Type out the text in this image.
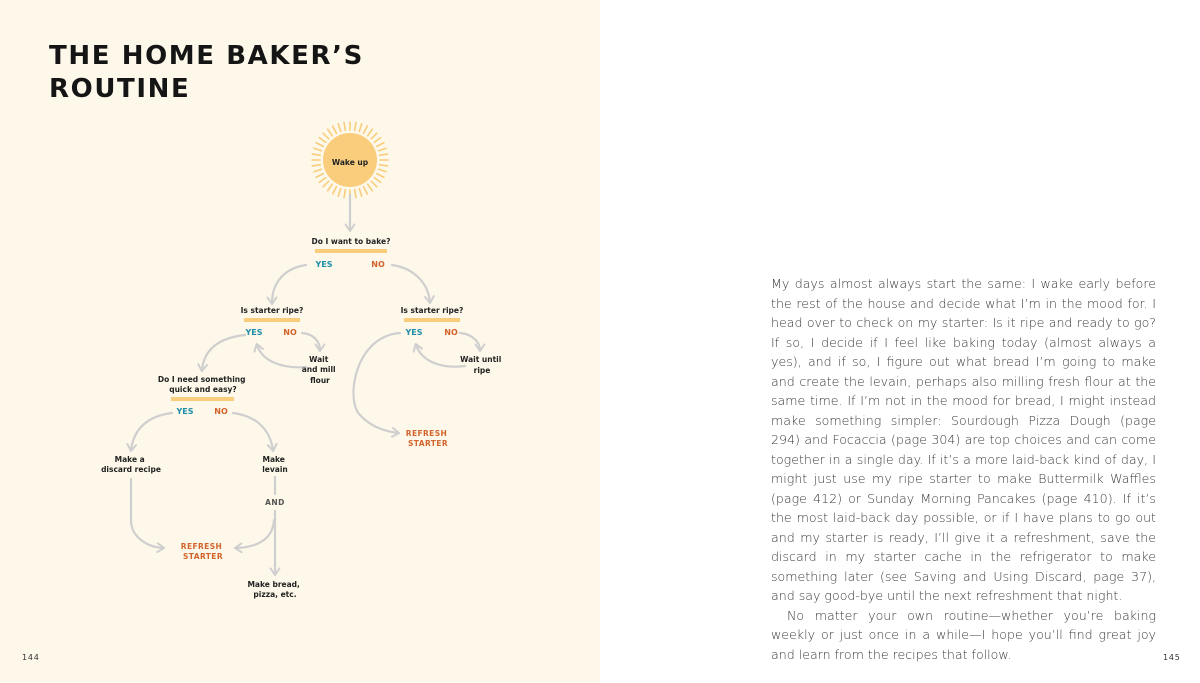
THE HOME BAKER’S
ROUTINE
Wake up
Do I want to bake?
YES	NO
Is starter ripe?
YES	NO
Is starter ripe?
YES	NO
Wait and mill flour
Wait until ripe
REFRESH STARTER
Do I need something quick and easy?
YES	NO
Make a discard recipe
Make levain
AND
REFRESH STARTER
Make bread, pizza, etc.

My days almost always start the same: I wake early before the rest of the house and decide what I’m in the mood for. I head over to check on my starter: Is it ripe and ready to go? If so, I decide if I feel like baking today (almost always a yes), and if so, I figure out what bread I’m going to make and create the levain, perhaps also milling fresh flour at the same time. If I’m not in the mood for bread, I might instead make something simpler: Sourdough Pizza Dough (page 294) and Focaccia (page 304) are top choices and can come together in a single day. If it’s a more laid-back kind of day, I might just use my ripe starter to make Buttermilk Waffles (page 412) or Sunday Morning Pancakes (page 410). If it’s the most laid-back day possible, or if I have plans to go out and my starter is ready, I’ll give it a refreshment, save the discard in my starter cache in the refrigerator to make something later (see Saving and Using Discard, page 37), and say good-bye until the next refreshment that night.

No matter your own routine—whether you’re baking weekly or just once in a while—I hope you’ll find great joy and learn from the recipes that follow.

144	145
